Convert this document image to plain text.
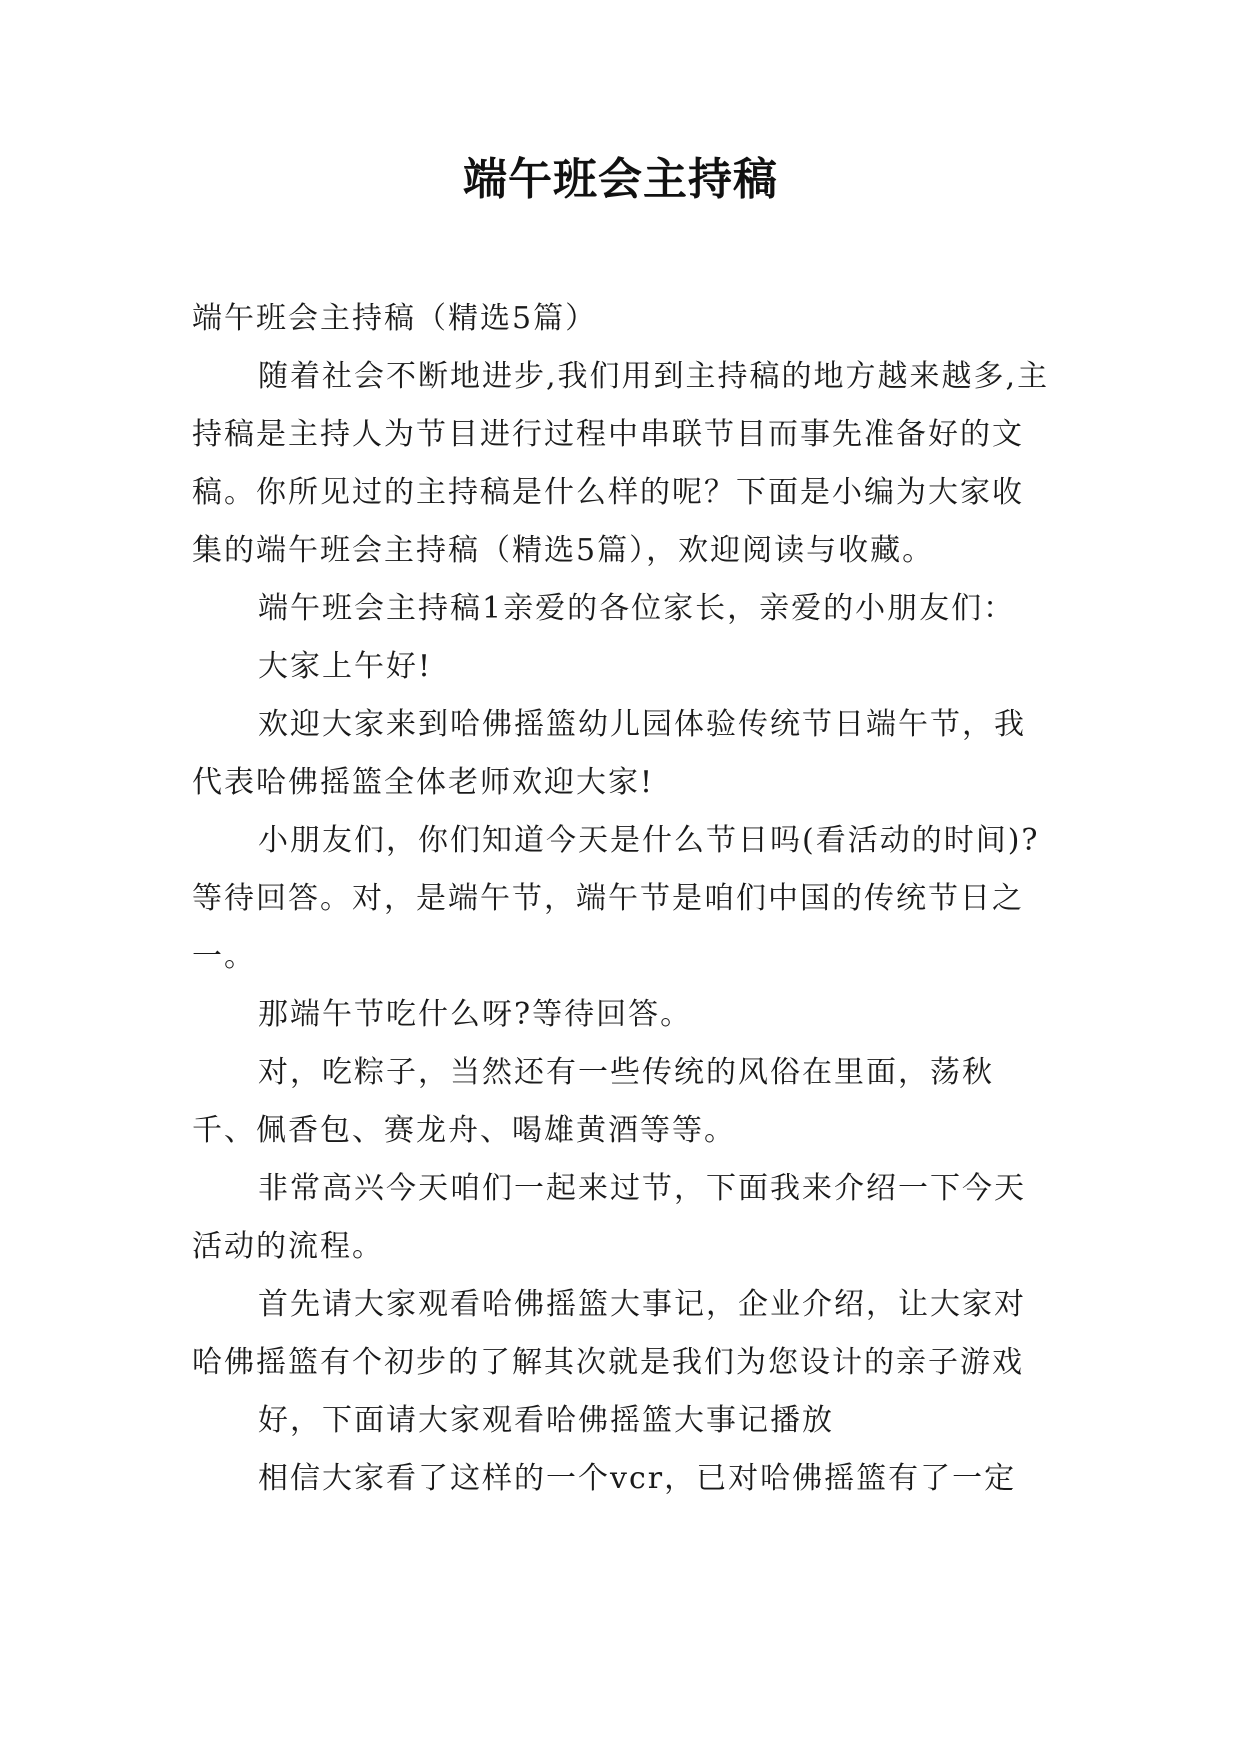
端午班会主持稿

端午班会主持稿（精选5篇）

随着社会不断地进步,我们用到主持稿的地方越来越多,主持稿是主持人为节目进行过程中串联节目而事先准备好的文稿。你所见过的主持稿是什么样的呢？下面是小编为大家收集的端午班会主持稿（精选5篇），欢迎阅读与收藏。

端午班会主持稿1亲爱的各位家长，亲爱的小朋友们：

大家上午好!

欢迎大家来到哈佛摇篮幼儿园体验传统节日端午节，我代表哈佛摇篮全体老师欢迎大家!

小朋友们，你们知道今天是什么节日吗(看活动的时间)?等待回答。对，是端午节，端午节是咱们中国的传统节日之一。

那端午节吃什么呀?等待回答。

对，吃粽子，当然还有一些传统的风俗在里面，荡秋千、佩香包、赛龙舟、喝雄黄酒等等。

非常高兴今天咱们一起来过节，下面我来介绍一下今天活动的流程。

首先请大家观看哈佛摇篮大事记，企业介绍，让大家对哈佛摇篮有个初步的了解其次就是我们为您设计的亲子游戏

好，下面请大家观看哈佛摇篮大事记播放

相信大家看了这样的一个vcr，已对哈佛摇篮有了一定
